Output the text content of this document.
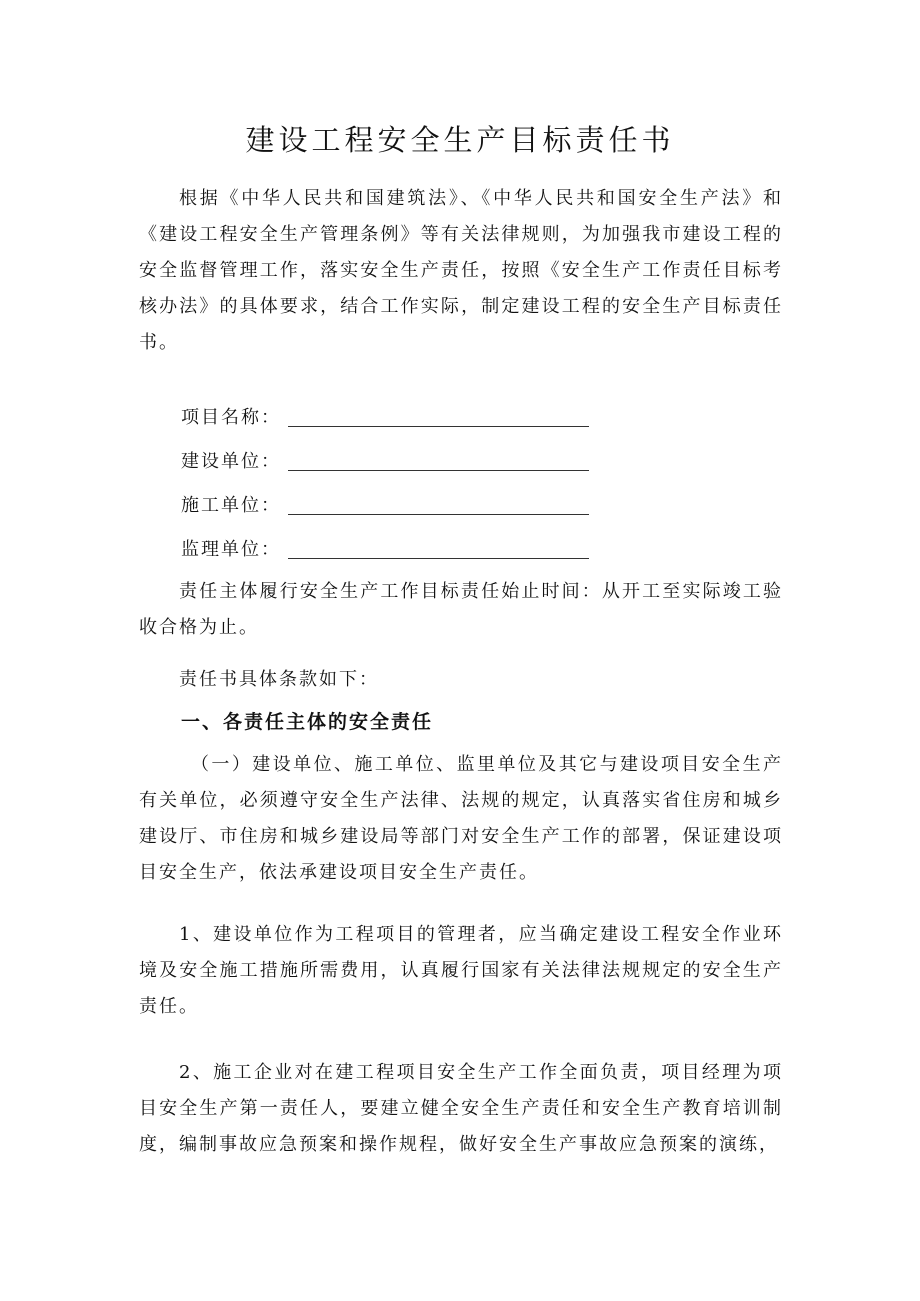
建设工程安全生产目标责任书

根据《中华人民共和国建筑法》、《中华人民共和国安全生产法》和《建设工程安全生产管理条例》等有关法律规则，为加强我市建设工程的安全监督管理工作，落实安全生产责任，按照《安全生产工作责任目标考核办法》的具体要求，结合工作实际，制定建设工程的安全生产目标责任书。

项目名称：
建设单位：
施工单位：
监理单位：

责任主体履行安全生产工作目标责任始止时间：从开工至实际竣工验收合格为止。

责任书具体条款如下：

一、各责任主体的安全责任

（一）建设单位、施工单位、监里单位及其它与建设项目安全生产有关单位，必须遵守安全生产法律、法规的规定，认真落实省住房和城乡建设厅、市住房和城乡建设局等部门对安全生产工作的部署，保证建设项目安全生产，依法承建设项目安全生产责任。

1、建设单位作为工程项目的管理者，应当确定建设工程安全作业环境及安全施工措施所需费用，认真履行国家有关法律法规规定的安全生产责任。

2、施工企业对在建工程项目安全生产工作全面负责，项目经理为项目安全生产第一责任人，要建立健全安全生产责任和安全生产教育培训制度，编制事故应急预案和操作规程，做好安全生产事故应急预案的演练，
